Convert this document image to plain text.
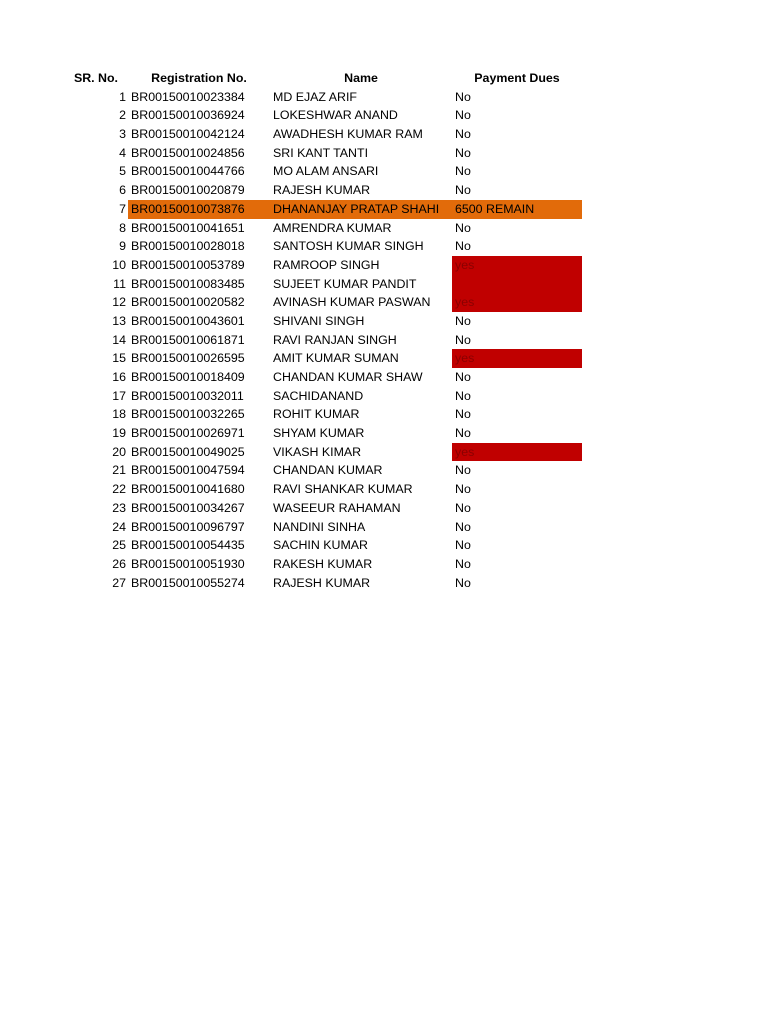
SR. No.	Registration No.	Name	Payment Dues
1 BR00150010023384	MD EJAZ ARIF	No
2 BR00150010036924	LOKESHWAR ANAND	No
3 BR00150010042124	AWADHESH KUMAR RAM	No
4 BR00150010024856	SRI KANT TANTI	No
5 BR00150010044766	MO ALAM ANSARI	No
6 BR00150010020879	RAJESH KUMAR	No
7 BR00150010073876	DHANANJAY PRATAP SHAHI	6500 REMAIN
8 BR00150010041651	AMRENDRA KUMAR	No
9 BR00150010028018	SANTOSH KUMAR SINGH	No
10 BR00150010053789	RAMROOP SINGH	yes
11 BR00150010083485	SUJEET KUMAR PANDIT
12 BR00150010020582	AVINASH KUMAR PASWAN	yes
13 BR00150010043601	SHIVANI SINGH	No
14 BR00150010061871	RAVI RANJAN SINGH	No
15 BR00150010026595	AMIT KUMAR SUMAN	yes
16 BR00150010018409	CHANDAN KUMAR SHAW	No
17 BR00150010032011	SACHIDANAND	No
18 BR00150010032265	ROHIT KUMAR	No
19 BR00150010026971	SHYAM KUMAR	No
20 BR00150010049025	VIKASH KIMAR	yes
21 BR00150010047594	CHANDAN KUMAR	No
22 BR00150010041680	RAVI SHANKAR KUMAR	No
23 BR00150010034267	WASEEUR RAHAMAN	No
24 BR00150010096797	NANDINI SINHA	No
25 BR00150010054435	SACHIN KUMAR	No
26 BR00150010051930	RAKESH KUMAR	No
27 BR00150010055274	RAJESH KUMAR	No
